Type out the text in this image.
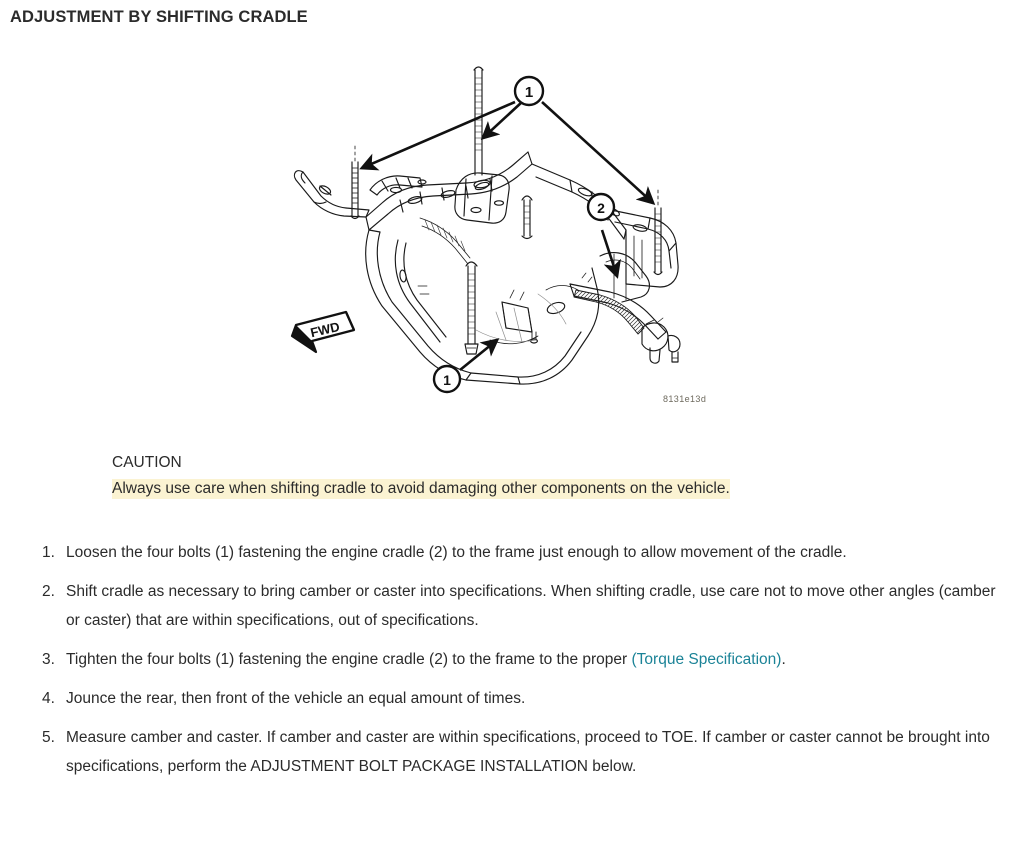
ADJUSTMENT BY SHIFTING CRADLE
1
2
1
FWD
8131e13d
CAUTION
Always use care when shifting cradle to avoid damaging other components on the vehicle.
1. Loosen the four bolts (1) fastening the engine cradle (2) to the frame just enough to allow movement of the cradle.
2. Shift cradle as necessary to bring camber or caster into specifications. When shifting cradle, use care not to move other angles (camber or caster) that are within specifications, out of specifications.
3. Tighten the four bolts (1) fastening the engine cradle (2) to the frame to the proper (Torque Specification).
4. Jounce the rear, then front of the vehicle an equal amount of times.
5. Measure camber and caster. If camber and caster are within specifications, proceed to TOE. If camber or caster cannot be brought into specifications, perform the ADJUSTMENT BOLT PACKAGE INSTALLATION below.
